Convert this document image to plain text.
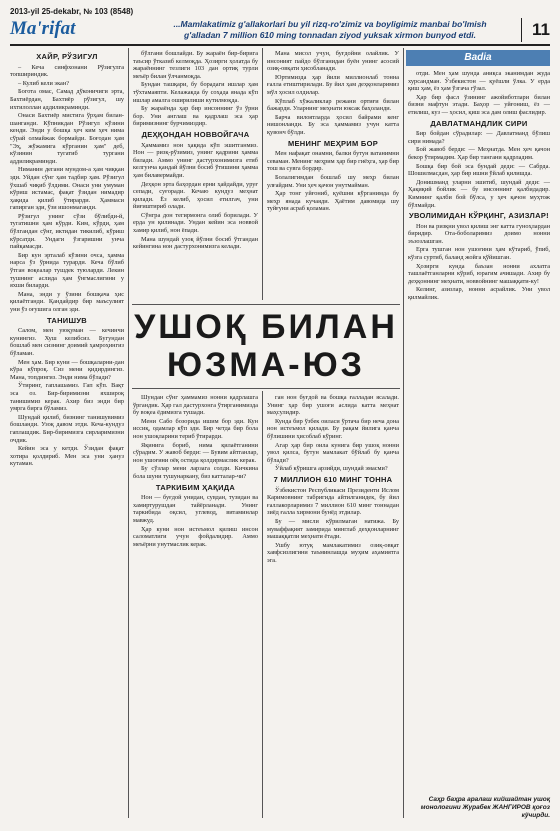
2013-yil 25-dekabr, № 103 (8548)
Ma'rifat	...Mamlakatimiz g'allakorlari bu yil rizq-ro'zimiz va boyligimiz manbai bo'lmish g'alladan 7 million 610 ming tonnadan ziyod yuksak xirmon bunyod etdi.	11
ХАЙР, РЎЗИГУЛ

– Кеча синфхонани Рўзигулга топшириндик.

– Кулиб кели экан?

Богота омас, Самад дўконичиги эрта, Бахтиёрдан, Бахтиёр рўзигул, шу ихтилоллан аддиликраминди.

Онаси Бахтиёр мистига ўрҳам билан-шанганди. Кўпникдан Рўзигул кўзини кенди. Энди у бошқа ҳеч ким ҳеч нима сўрай олмайжак бормайди. Боғодан ҳам "Эҳ, жўжамига кўрганин ҳам" деб, кўзинин тугатиб тургани аддиликраминди.

Ниманин дегани мундом-а ҳам чиққан эди. Уйдан сўнг ҳам тадбир ҳам. Рўзигул ўхшаб чиқиб ўлдими. Онаси уни умуман кўриш истамас, фақат ўзидан нимадир ҳақида қилиб ўтирарди. Ҳаммаси гапирган эди, ўзи ишонмаганди.

Рўзигул унинг сўзи бўлибди-й, тугатишни ҳам кўрди. Ким, кўрди, ҳам бўлгандан сўнг, иктидан тикилиб, кўриш кўрсатди. Ундаги ўзгаришни унча пайқамасди.

Бир кун эрталаб кўзини очса, ҳамма нарса ўз ўрнида турарди. Кеча бўлиб ўтган воқеалар тушдек туюларди. Лекин тушнинг аслида ҳам ўнгмаслигини у яхши биларди.

Мана, энди у ўзини бошқача ҳис қилаётганди. Қандайдир бир маъсулият уни ўз оғушига олган эди.

ТАНИШУВ

Салом, мен уюқуман — кечинчи кунингиз. Хуш келибсиз. Бугундан бошлаб мен сизнинг доимий ҳамроҳингиз бўламан.

Мен ҳам. Бир куни — бошқаларни-дан кўра кўпроқ. Сиз мени қидирдингиз. Мана, топдингиз. Энди нима бўлади?

Ўтиринг, гаплашамиз. Гап кўп. Вақт эса оз. Бир-биримизни яхшироқ танишимиз керак. Ахир биз энди бир умрга бирга бўламиз.

Шундай қилиб, бизнинг танишувимиз бошланди. Узоқ давом этди. Кеча-кундуз гаплашдик. Бир-биримизга сирларимизни очдик.

Кейин эса у кетди. Ўзидан фақат хотира қолдириб. Мен эса уни ҳануз кутаман.

бўлгани бошлайди. Бу жараён бир-бирига таъсир ўтказиб келмоқда. Ҳозирги ҳолатда бу жараённинг тезлиги 103 дан ортиқ турли меъёр билан ўлчанмоқда.

Бундан ташқари, бу борадаги ишлар ҳам тўхтамаяпти. Келажакда бу соҳада янада кўп ишлар амалга оширилиши кутилмоқда.

Бу жараёнда ҳар бир инсоннинг ўз ўрни бор. Уни англаш ва қадрлаш эса ҳар биримизнинг бурчимиздир.

ДЕҲҚОНДАН НОВВОЙГАЧА

Ҳаммамиз нон ҳақида кўп эшитганмиз. Нон — ризқ-рўзимиз, унинг қадрини ҳамма билади. Аммо унинг дастурхонимизга етиб келгунча қандай йўлни босиб ўтишини ҳамма ҳам билавермайди.

Деҳқон эрта баҳордан ерни ҳайдайди, уруғ сепади, суғоради. Кечаю кундуз меҳнат қилади. Ёз келиб, ҳосил етилгач, уни йиғиштириб олади.

Сўнгра дон тегирмонга олиб борилади. У ерда ун қилинади. Ундан кейин эса новвой хамир қилиб, нон ёпади.

Мана шундай узоқ йўлни босиб ўтгандан кейингина нон дастурхонимизга келади.

Мана мисол учун, буғдойни олайлик. У инсоният пайдо бўлганидан буён унинг асосий озиқ-овқати ҳисобланади.

Юртимизда ҳар йили миллионлаб тонна ғалла етиштирилади. Бу йил ҳам деҳқонларимиз мўл ҳосил олдилар.

Кўплаб хўжаликлар режани ортиғи билан бажарди. Уларнинг меҳнати юксак баҳоланди.

Барча вилоятларда ҳосил байрами кенг нишонланди. Бу эса ҳаммамиз учун катта қувонч бўлди.

МЕНИНГ МЕҲРИМ БОР

Мен нафақат онамни, балки бутун ватанимни севаман. Менинг меҳрим ҳар бир гиёҳга, ҳар бир тош ва сувга бордир.

Болалигимдан бошлаб шу меҳр билан улғайдим. Уни ҳеч қачон унутмайман.

Ҳар тонг уйғониб, қуёшни кўрганимда бу меҳр янада кучаяди. Ҳаётим давомида шу туйғуни асраб қоламан.

УШОҚ БИЛАН
ЮЗМА-ЮЗ

Шундан сўнг ҳаммамиз нонни қадрлашга ўргандик. Ҳар гал дастурхонга ўтирганимизда бу воқеа ёдимизга тушади.

Мени Сабо бозорида ишим бор эди. Кун иссиқ, одамлар кўп эди. Бир четда бир бола нон ушоқларини териб ўтирарди.

Яқинига бориб, нима қилаётганини сўрадим. У жавоб берди: — Бувим айтганлар, нон ушоғини оёқ остида қолдирмаслик керак.

Бу сўзлар мени ларзага солди. Кичкина бола шуни тушунаркану, биз катталар-чи?

ТАРКИБИМ ҲАҚИДА

Нон — буғдой унидан, сувдан, тузидан ва хамиртурушдан тайёрланади. Унинг таркибида оқсил, углевод, витаминлар мавжуд.

Ҳар куни нон истеъмол қилиш инсон саломатлиги учун фойдалидир. Аммо меъёрни унутмаслик керак.

ган нон буғдой ва бошқа ғалладан ясалади. Унинг ҳар бир ушоғи аслида катта меҳнат маҳсулидир.

Кунда бир ўзбек оиласи ўртача бир неча дона нон истеъмол қилади. Бу рақам йилига қанча бўлишини ҳисоблаб кўринг.

Агар ҳар бир оила кунига бир ушоқ нонни увол қилса, бутун мамлакат бўйлаб бу қанча бўлади?

Ўйлаб кўришга арзийди, шундай эмасми?

7 МИЛЛИОН 610 МИНГ ТОННА

Ўзбекистон Республикаси Президенти Ислом Каримовнинг табригида айтилганидек, бу йил ғаллакорларимиз 7 миллион 610 минг тоннадан зиёд ғалла хирмони бунёд этдилар.

Бу — мисли кўрилмаган натижа. Бу муваффақият замирида минглаб деҳқонларнинг машаққатли меҳнати ётади.

Ушбу ютуқ мамлакатимиз озиқ-овқат хавфсизлигини таъминлашда муҳим аҳамиятга эга.

Badia

отди. Мен ҳам шунда аниқса эканимдан жуда хурсандман. Ўзбекистон — қуёшли ўлка. У ерда қиш ҳам, ёз ҳам ўзгача гўзал.

Ҳар бир фасл ўзининг ажойиботлари билан бизни мафтун этади. Баҳор — уйғониш, ёз — етилиш, куз — ҳосил, қиш эса дам олиш фаслидир.

ДАВЛАТМАНДЛИК СИРИ

Бир бойдан сўрадилар: — Давлатманд бўлиш сири нимада?

Бой жавоб берди: — Меҳнатда. Мен ҳеч қачон бекор ўтирмадим. Ҳар бир тангани қадрладим.

Бошқа бир бой эса бундай деди: — Сабрда. Шошилмасдан, ҳар бир ишни ўйлаб қилишда.

Донишманд уларни эшитиб, шундай деди: — Ҳақиқий бойлик — бу инсоннинг қалбидадир. Кимнинг қалби бой бўлса, у ҳеч қачон муҳтож бўлмайди.

УВОЛИМИДАН КЎРҚИНГ, АЗИЗЛАР!

Нон ва ризқни увол қилиш энг катта гуноҳлардан биридир. Ота-боболаримиз доимо нонни эъзозлашган.

Ерга тушган нон ушоғини ҳам кўтариб, ўпиб, кўзга суртиб, баланд жойга қўйишган.

Ҳозирги кунда баъзан нонни ахлатга ташлаётганларни кўриб, юрагим ачишади. Ахир бу деҳқоннинг меҳнати, новвойнинг машаққати-ку!

Келинг, азизлар, нонни асрайлик. Уни увол қилмайлик.

Саҳр баҳра аралаш кийшайтан ушоқ монологини Журабек ЖАНГИРОВ қоғоз кўчирди.
